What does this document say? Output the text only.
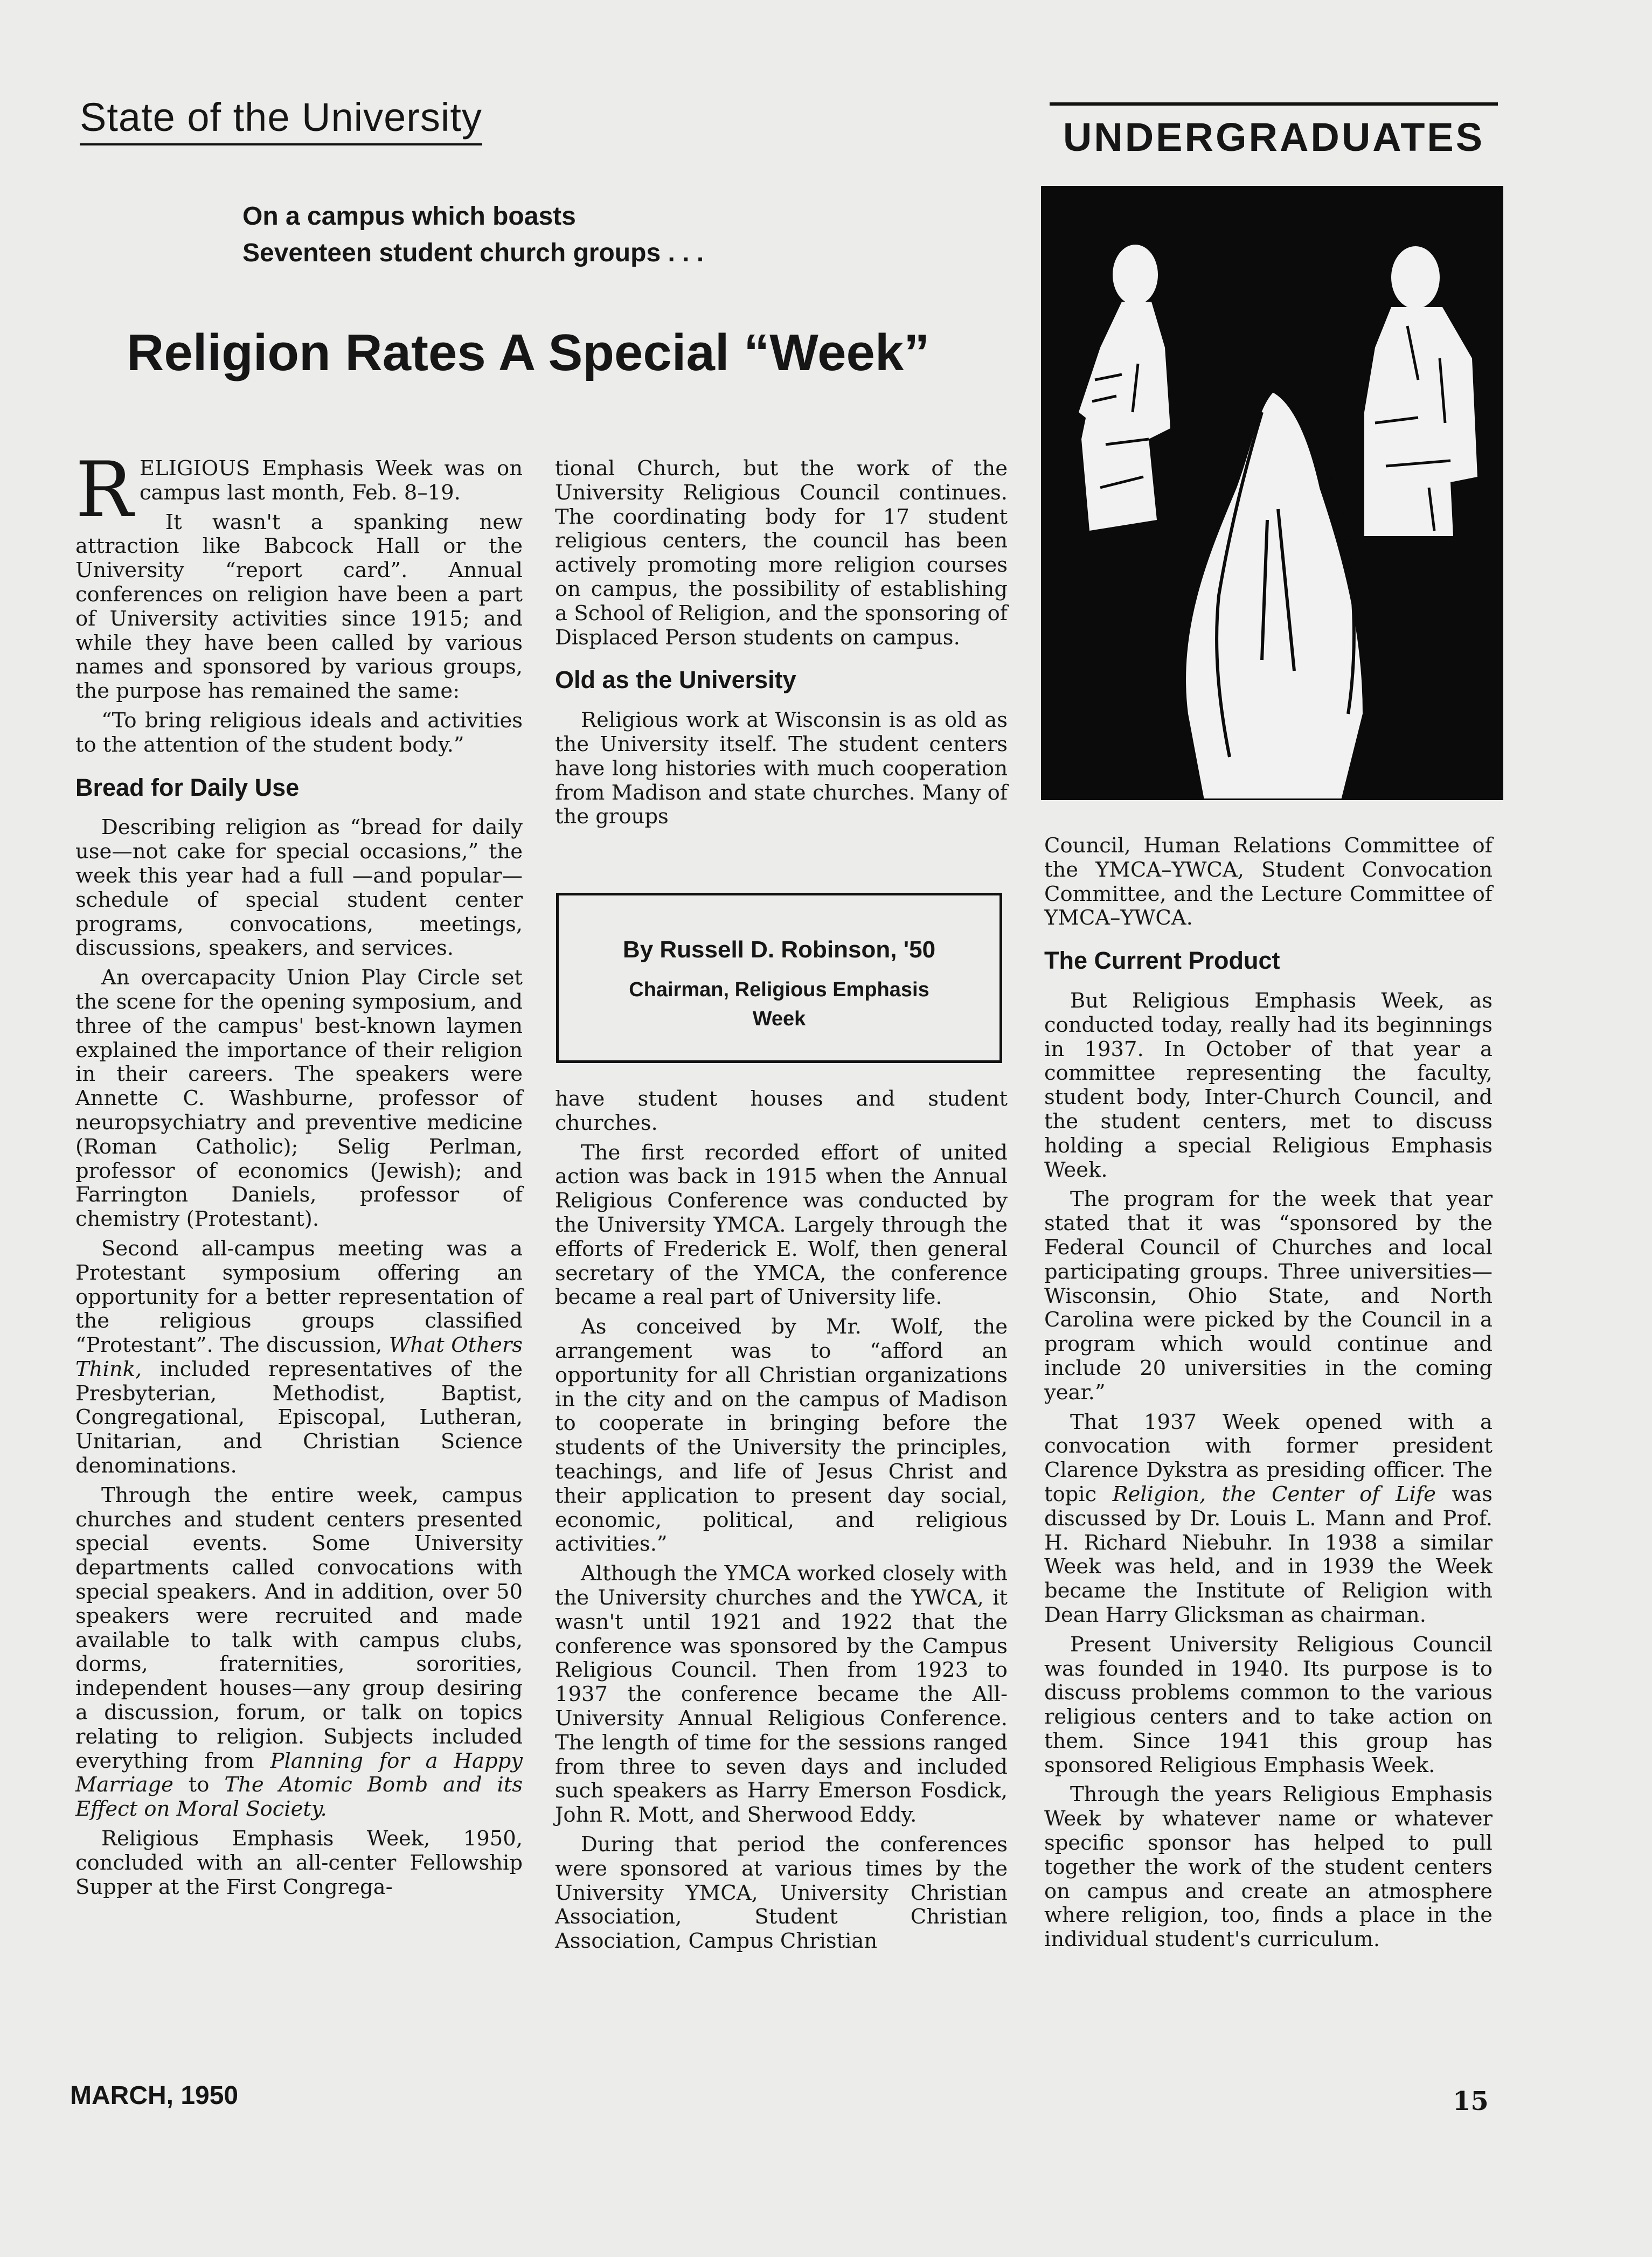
State of the University	UNDERGRADUATES
On a campus which boasts
Seventeen student church groups . . .
Religion Rates A Special “Week”

RELIGIOUS Emphasis Week was on campus last month, Feb. 8–19.

It wasn't a spanking new attraction like Babcock Hall or the University “report card”. Annual conferences on religion have been a part of University activities since 1915; and while they have been called by various names and sponsored by various groups, the purpose has remained the same:

“To bring religious ideals and activities to the attention of the student body.”

Bread for Daily Use

Describing religion as “bread for daily use—not cake for special occasions,” the week this year had a full —and popular—schedule of special student center programs, convocations, meetings, discussions, speakers, and services.

An overcapacity Union Play Circle set the scene for the opening symposium, and three of the campus' best-known laymen explained the importance of their religion in their careers. The speakers were Annette C. Washburne, professor of neuropsychiatry and preventive medicine (Roman Catholic); Selig Perlman, professor of economics (Jewish); and Farrington Daniels, professor of chemistry (Protestant).

Second all-campus meeting was a Protestant symposium offering an opportunity for a better representation of the religious groups classified “Protestant”. The discussion, What Others Think, included representatives of the Presbyterian, Methodist, Baptist, Congregational, Episcopal, Lutheran, Unitarian, and Christian Science denominations.

Through the entire week, campus churches and student centers presented special events. Some University departments called convocations with special speakers. And in addition, over 50 speakers were recruited and made available to talk with campus clubs, dorms, fraternities, sororities, independent houses—any group desiring a discussion, forum, or talk on topics relating to religion. Subjects included everything from Planning for a Happy Marriage to The Atomic Bomb and its Effect on Moral Society.

Religious Emphasis Week, 1950, concluded with an all-center Fellowship Supper at the First Congrega-

tional Church, but the work of the University Religious Council continues. The coordinating body for 17 student religious centers, the council has been actively promoting more religion courses on campus, the possibility of establishing a School of Religion, and the sponsoring of Displaced Person students on campus.

Old as the University

Religious work at Wisconsin is as old as the University itself. The student centers have long histories with much cooperation from Madison and state churches. Many of the groups

By Russell D. Robinson, '50
Chairman, Religious Emphasis
Week

have student houses and student churches.

The first recorded effort of united action was back in 1915 when the Annual Religious Conference was conducted by the University YMCA. Largely through the efforts of Frederick E. Wolf, then general secretary of the YMCA, the conference became a real part of University life.

As conceived by Mr. Wolf, the arrangement was to “afford an opportunity for all Christian organizations in the city and on the campus of Madison to cooperate in bringing before the students of the University the principles, teachings, and life of Jesus Christ and their application to present day social, economic, political, and religious activities.”

Although the YMCA worked closely with the University churches and the YWCA, it wasn't until 1921 and 1922 that the conference was sponsored by the Campus Religious Council. Then from 1923 to 1937 the conference became the All-University Annual Religious Conference. The length of time for the sessions ranged from three to seven days and included such speakers as Harry Emerson Fosdick, John R. Mott, and Sherwood Eddy.

During that period the conferences were sponsored at various times by the University YMCA, University Christian Association, Student Christian Association, Campus Christian

Council, Human Relations Committee of the YMCA–YWCA, Student Convocation Committee, and the Lecture Committee of YMCA–YWCA.

The Current Product

But Religious Emphasis Week, as conducted today, really had its beginnings in 1937. In October of that year a committee representing the faculty, student body, Inter-Church Council, and the student centers, met to discuss holding a special Religious Emphasis Week.

The program for the week that year stated that it was “sponsored by the Federal Council of Churches and local participating groups. Three universities—Wisconsin, Ohio State, and North Carolina were picked by the Council in a program which would continue and include 20 universities in the coming year.”

That 1937 Week opened with a convocation with former president Clarence Dykstra as presiding officer. The topic Religion, the Center of Life was discussed by Dr. Louis L. Mann and Prof. H. Richard Niebuhr. In 1938 a similar Week was held, and in 1939 the Week became the Institute of Religion with Dean Harry Glicksman as chairman.

Present University Religious Council was founded in 1940. Its purpose is to discuss problems common to the various religious centers and to take action on them. Since 1941 this group has sponsored Religious Emphasis Week.

Through the years Religious Emphasis Week by whatever name or whatever specific sponsor has helped to pull together the work of the student centers on campus and create an atmosphere where religion, too, finds a place in the individual student's curriculum.

MARCH, 1950	15
